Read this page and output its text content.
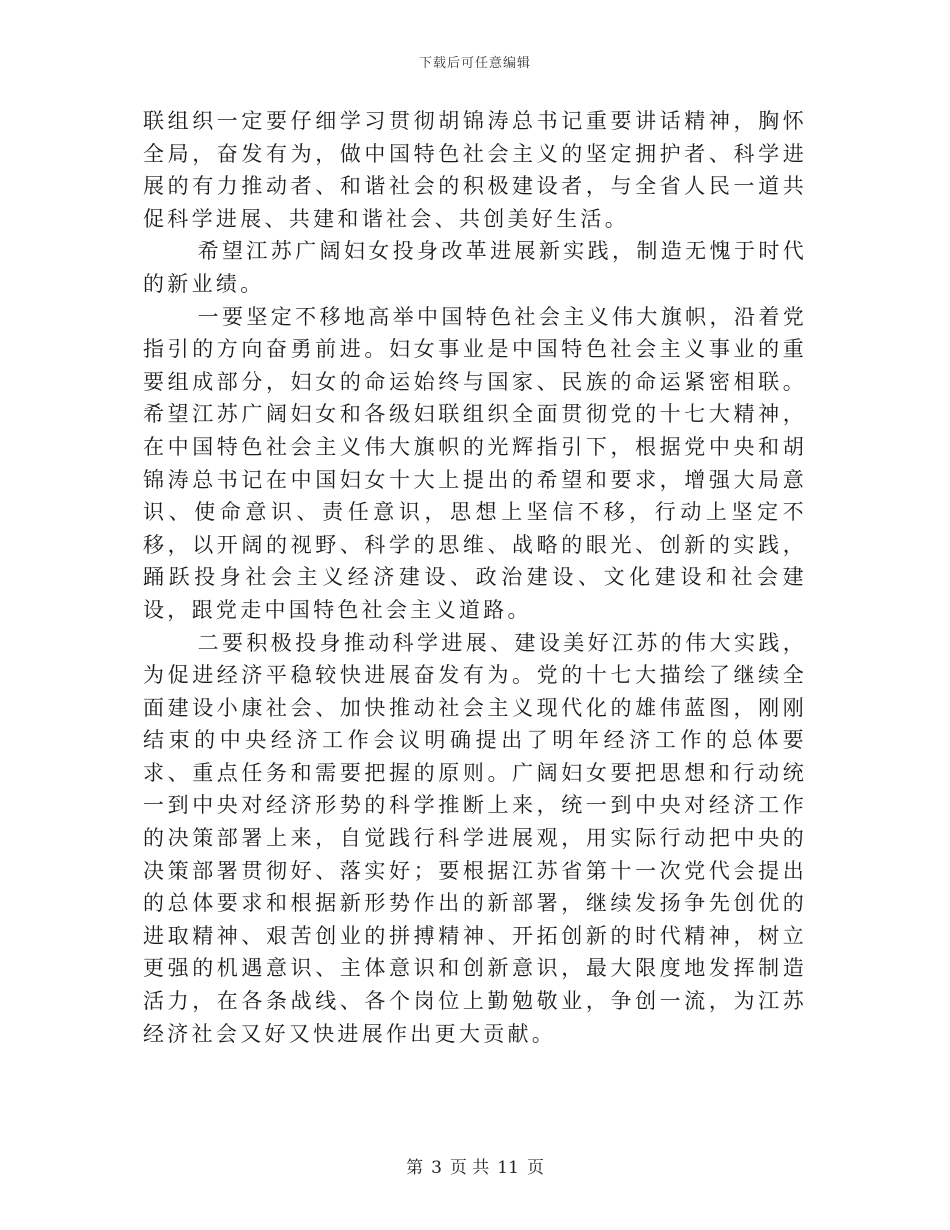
下载后可任意编辑

联组织一定要仔细学习贯彻胡锦涛总书记重要讲话精神，胸怀全局，奋发有为，做中国特色社会主义的坚定拥护者、科学进展的有力推动者、和谐社会的积极建设者，与全省人民一道共促科学进展、共建和谐社会、共创美好生活。

希望江苏广阔妇女投身改革进展新实践，制造无愧于时代的新业绩。

一要坚定不移地高举中国特色社会主义伟大旗帜，沿着党指引的方向奋勇前进。妇女事业是中国特色社会主义事业的重要组成部分，妇女的命运始终与国家、民族的命运紧密相联。希望江苏广阔妇女和各级妇联组织全面贯彻党的十七大精神，在中国特色社会主义伟大旗帜的光辉指引下，根据党中央和胡锦涛总书记在中国妇女十大上提出的希望和要求，增强大局意识、使命意识、责任意识，思想上坚信不移，行动上坚定不移，以开阔的视野、科学的思维、战略的眼光、创新的实践，踊跃投身社会主义经济建设、政治建设、文化建设和社会建设，跟党走中国特色社会主义道路。

二要积极投身推动科学进展、建设美好江苏的伟大实践，为促进经济平稳较快进展奋发有为。党的十七大描绘了继续全面建设小康社会、加快推动社会主义现代化的雄伟蓝图，刚刚结束的中央经济工作会议明确提出了明年经济工作的总体要求、重点任务和需要把握的原则。广阔妇女要把思想和行动统一到中央对经济形势的科学推断上来，统一到中央对经济工作的决策部署上来，自觉践行科学进展观，用实际行动把中央的决策部署贯彻好、落实好；要根据江苏省第十一次党代会提出的总体要求和根据新形势作出的新部署，继续发扬争先创优的进取精神、艰苦创业的拼搏精神、开拓创新的时代精神，树立更强的机遇意识、主体意识和创新意识，最大限度地发挥制造活力，在各条战线、各个岗位上勤勉敬业，争创一流，为江苏经济社会又好又快进展作出更大贡献。

第 3 页 共 11 页
